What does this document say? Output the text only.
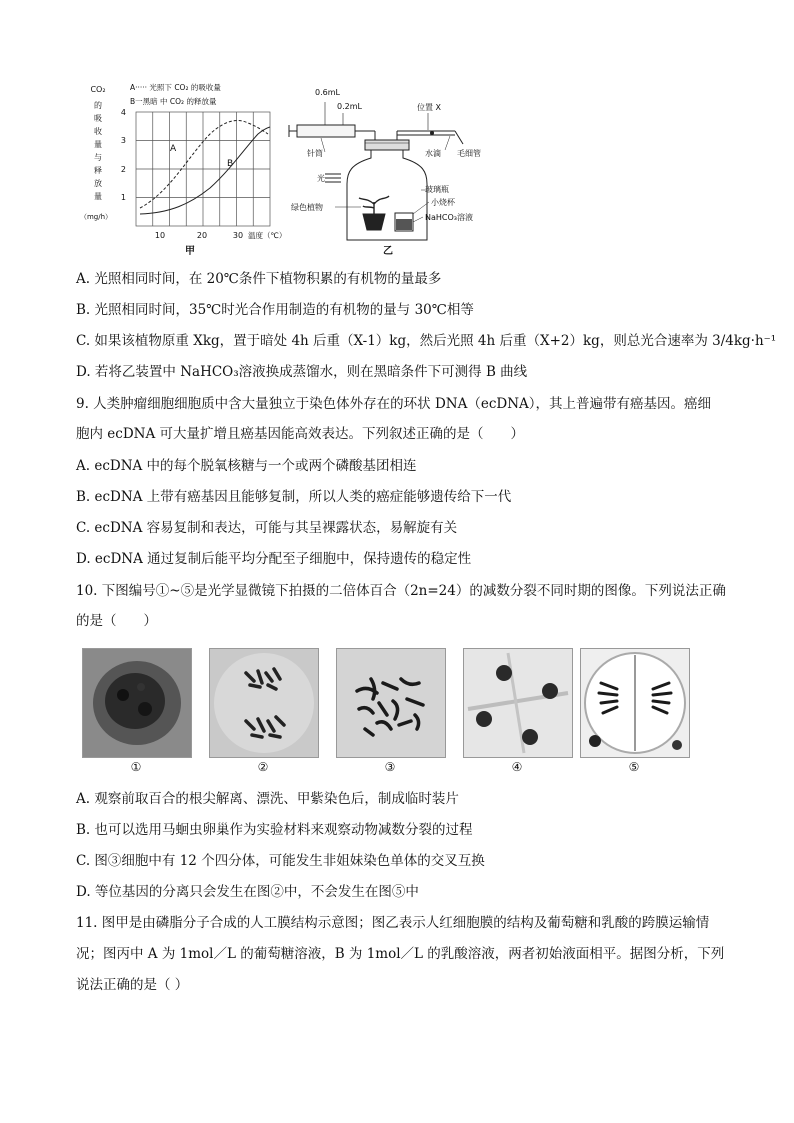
CO₂
的
吸
收
量
与
释
放
量
（mg/h）
1
2
3
4
10	20	30 温度（℃）
A····· 光照下 CO₂ 的吸收量
B一黑暗 中 CO₂ 的释放量
A
B
甲
0.6mL
0.2mL	位置 X
针筒	水滴 毛细管
光
玻璃瓶
绿色植物
小烧杯
NaHCO₃溶液
乙
A. 光照相同时间，在 20℃条件下植物积累的有机物的量最多
B. 光照相同时间，35℃时光合作用制造的有机物的量与 30℃相等
C. 如果该植物原重 Xkg，置于暗处 4h 后重（X-1）kg，然后光照 4h 后重（X+2）kg，则总光合速率为 3/4kg·h⁻¹
D. 若将乙装置中 NaHCO₃溶液换成蒸馏水，则在黑暗条件下可测得 B 曲线
9. 人类肿瘤细胞细胞质中含大量独立于染色体外存在的环状 DNA（ecDNA），其上普遍带有癌基因。癌细
胞内 ecDNA 可大量扩增且癌基因能高效表达。下列叙述正确的是（　　）
A. ecDNA 中的每个脱氧核糖与一个或两个磷酸基团相连
B. ecDNA 上带有癌基因且能够复制，所以人类的癌症能够遗传给下一代
C. ecDNA 容易复制和表达，可能与其呈裸露状态，易解旋有关
D. ecDNA 通过复制后能平均分配至子细胞中，保持遗传的稳定性
10. 下图编号①~⑤是光学显微镜下拍摄的二倍体百合（2n=24）的减数分裂不同时期的图像。下列说法正确
的是（　　）
①	②	③	④	⑤
A. 观察前取百合的根尖解离、漂洗、甲紫染色后，制成临时装片
B. 也可以选用马蛔虫卵巢作为实验材料来观察动物减数分裂的过程
C. 图③细胞中有 12 个四分体，可能发生非姐妹染色单体的交叉互换
D. 等位基因的分离只会发生在图②中，不会发生在图⑤中
11. 图甲是由磷脂分子合成的人工膜结构示意图；图乙表示人红细胞膜的结构及葡萄糖和乳酸的跨膜运输情
况；图丙中 A 为 1mol／L 的葡萄糖溶液，B 为 1mol／L 的乳酸溶液，两者初始液面相平。据图分析，下列
说法正确的是（ ）
